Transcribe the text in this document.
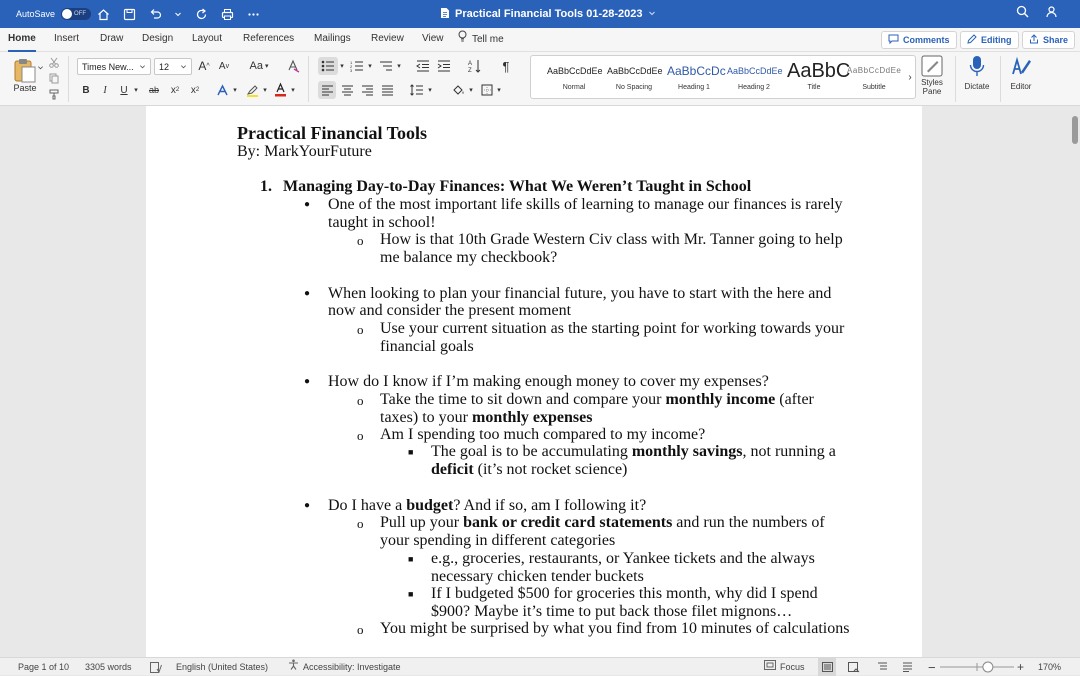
AutoSave	OFF	Practical Financial Tools 01-28-2023
Home Insert Draw Design Layout References Mailings Review View	Tell me	Comments	Editing	Share
Paste
Times New...	12 A ^ A v Aa ▾
B	I	U ▾	ab	x 2 x 2	▾	▾	▾
▾
1
2
3
▾	▾	A
Z	¶
▾	▾	▾
AaBbCcDdEe
Normal
AaBbCcDdEe
No Spacing
AaBbCcDc
Heading 1
AaBbCcDdEe
Heading 2
AaBbC
Title
AaBbCcDdEe
Subtitle
›	Styles
Pane
Dictate	Editor
Practical Financial Tools
By: MarkYourFuture
1. Managing Day-to-Day Finances: What We Weren’t Taught in School
● One of the most important life skills of learning to manage our finances is rarely
taught in school!
o How is that 10th Grade Western Civ class with Mr. Tanner going to help
me balance my checkbook?
● When looking to plan your financial future, you have to start with the here and
now and consider the present moment
o Use your current situation as the starting point for working towards your
financial goals
● How do I know if I’m making enough money to cover my expenses?
o Take the time to sit down and compare your monthly income (after
taxes) to your monthly expenses
o Am I spending too much compared to my income?
■ The goal is to be accumulating monthly savings, not running a
deficit (it’s not rocket science)
● Do I have a budget? And if so, am I following it?
o Pull up your bank or credit card statements and run the numbers of
your spending in different categories
■ e.g., groceries, restaurants, or Yankee tickets and the always
necessary chicken tender buckets
■ If I budgeted $500 for groceries this month, why did I spend
$900? Maybe it’s time to put back those filet mignons…
o You might be surprised by what you find from 10 minutes of calculations
Page 1 of 10 3305 words	English (United States)	Accessibility: Investigate	Focus	−	+ 170%
